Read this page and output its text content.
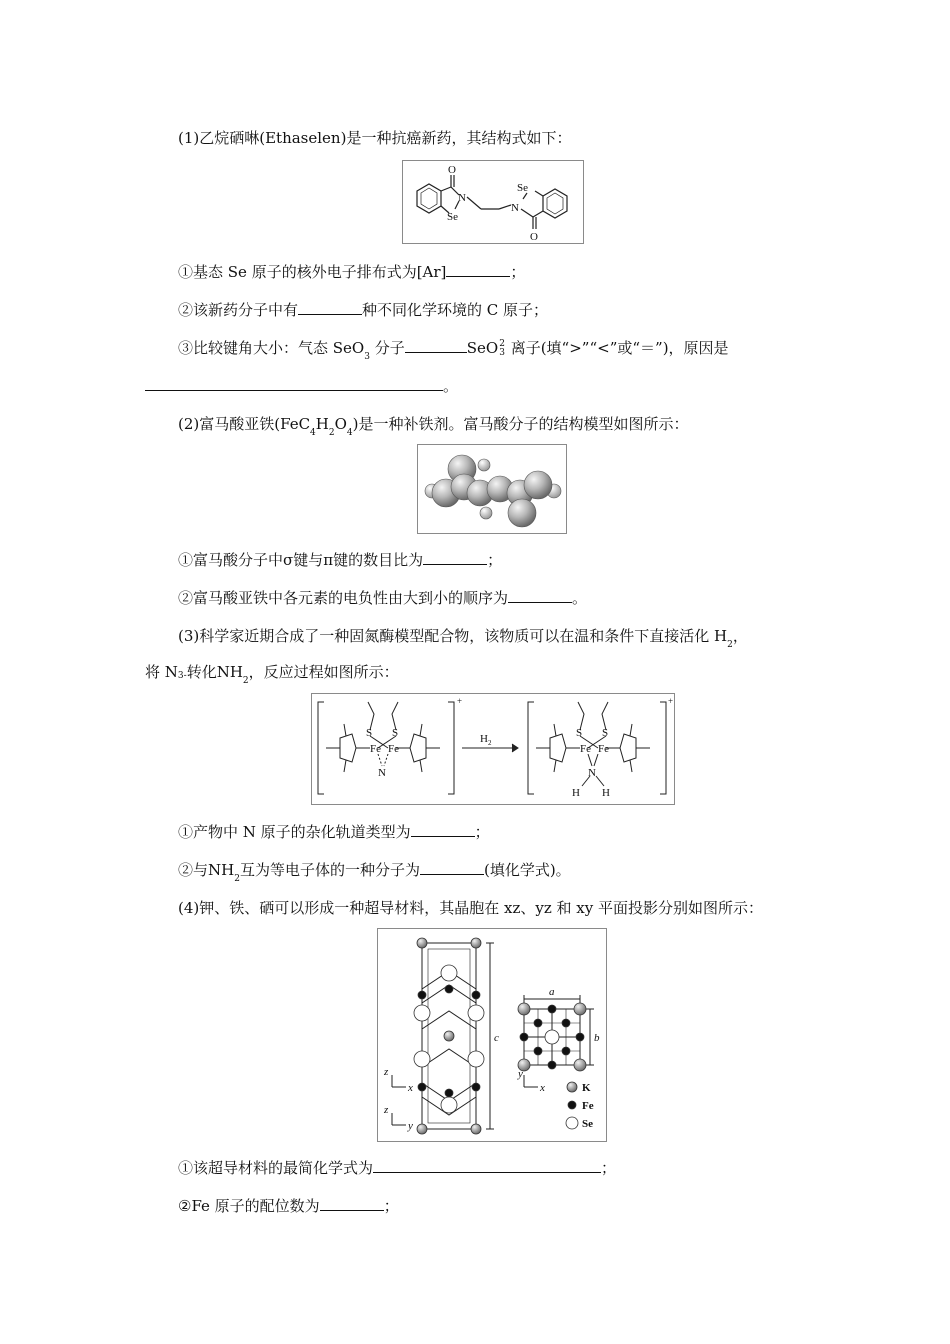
(1)乙烷硒啉(Ethaselen)是一种抗癌新药，其结构式如下：
O
N
Se
Se
N
O
①基态 Se 原子的核外电子排布式为[Ar]	；
②该新药分子中有	种不同化学环境的 C 原子；
③比较键角大小：气态 SeO$_3$ 分子	SeO 2
3 离子(填“>”“<”或“＝”)，原因是
。
(2)富马酸亚铁$(FeC_4H_2O_4)$是一种补铁剂。富马酸分子的结构模型如图所示：
①富马酸分子中σ键与π键的数目比为	；
②富马酸亚铁中各元素的电负性由大到小的顺序为	。
(3)科学家近期合成了一种固氮酶模型配合物，该物质可以在温和条件下直接活化 $H_2$，
将 N3-转化$NH_2$，反应过程如图所示：
S S
Fe Fe
N
S S
Fe Fe
N
H H
$H_2$
+	+
①产物中 N 原子的杂化轨道类型为	；
②与$NH_2$互为等电子体的一种分子为	(填化学式)。
(4)钾、铁、硒可以形成一种超导材料，其晶胞在 xz、yz 和 xy 平面投影分别如图所示：
c
a
b
z
x
z
y
y
x	K
Fe
Se
①该超导材料的最简化学式为	；
②Fe 原子的配位数为	；
